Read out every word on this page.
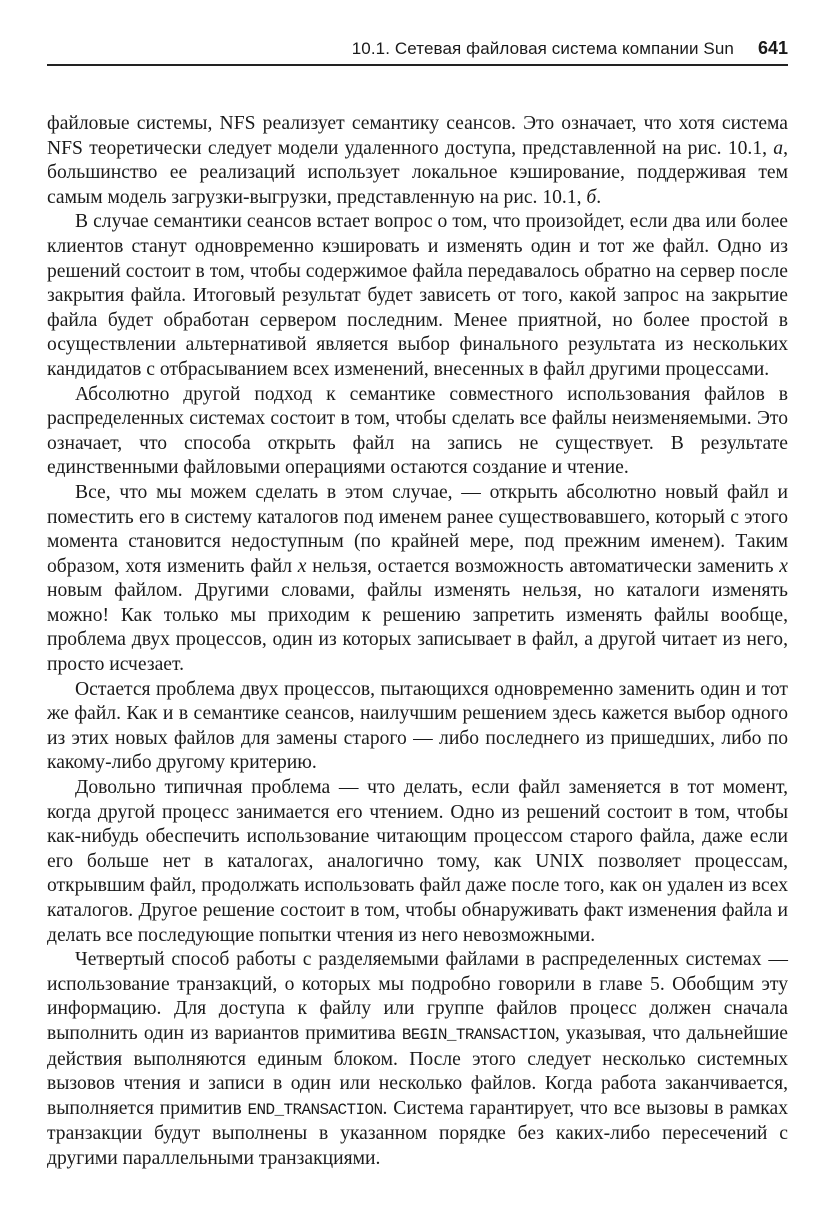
10.1. Сетевая файловая система компании Sun 641

файловые системы, NFS реализует семантику сеансов. Это означает, что хотя система NFS теоретически следует модели удаленного доступа, представленной на рис. 10.1, а, большинство ее реализаций использует локальное кэширование, поддерживая тем самым модель загрузки-выгрузки, представленную на рис. 10.1, б.

В случае семантики сеансов встает вопрос о том, что произойдет, если два или более клиентов станут одновременно кэшировать и изменять один и тот же файл. Одно из решений состоит в том, чтобы содержимое файла передавалось обратно на сервер после закрытия файла. Итоговый результат будет зависеть от того, какой запрос на закрытие файла будет обработан сервером последним. Менее приятной, но более простой в осуществлении альтернативой является выбор финального результата из нескольких кандидатов с отбрасыванием всех изменений, внесенных в файл другими процессами.

Абсолютно другой подход к семантике совместного использования файлов в распределенных системах состоит в том, чтобы сделать все файлы неизменяемыми. Это означает, что способа открыть файл на запись не существует. В результате единственными файловыми операциями остаются создание и чтение.

Все, что мы можем сделать в этом случае, — открыть абсолютно новый файл и поместить его в систему каталогов под именем ранее существовавшего, который с этого момента становится недоступным (по крайней мере, под прежним именем). Таким образом, хотя изменить файл x нельзя, остается возможность автоматически заменить x новым файлом. Другими словами, файлы изменять нельзя, но каталоги изменять можно! Как только мы приходим к решению запретить изменять файлы вообще, проблема двух процессов, один из которых записывает в файл, а другой читает из него, просто исчезает.

Остается проблема двух процессов, пытающихся одновременно заменить один и тот же файл. Как и в семантике сеансов, наилучшим решением здесь кажется выбор одного из этих новых файлов для замены старого — либо последнего из пришедших, либо по какому-либо другому критерию.

Довольно типичная проблема — что делать, если файл заменяется в тот момент, когда другой процесс занимается его чтением. Одно из решений состоит в том, чтобы как-нибудь обеспечить использование читающим процессом старого файла, даже если его больше нет в каталогах, аналогично тому, как UNIX позволяет процессам, открывшим файл, продолжать использовать файл даже после того, как он удален из всех каталогов. Другое решение состоит в том, чтобы обнаруживать факт изменения файла и делать все последующие попытки чтения из него невозможными.

Четвертый способ работы с разделяемыми файлами в распределенных системах — использование транзакций, о которых мы подробно говорили в главе 5. Обобщим эту информацию. Для доступа к файлу или группе файлов процесс должен сначала выполнить один из вариантов примитива BEGIN_TRANSACTION, указывая, что дальнейшие действия выполняются единым блоком. После этого следует несколько системных вызовов чтения и записи в один или несколько файлов. Когда работа заканчивается, выполняется примитив END_TRANSACTION. Система гарантирует, что все вызовы в рамках транзакции будут выполнены в указанном порядке без каких-либо пересечений с другими параллельными транзакциями.
